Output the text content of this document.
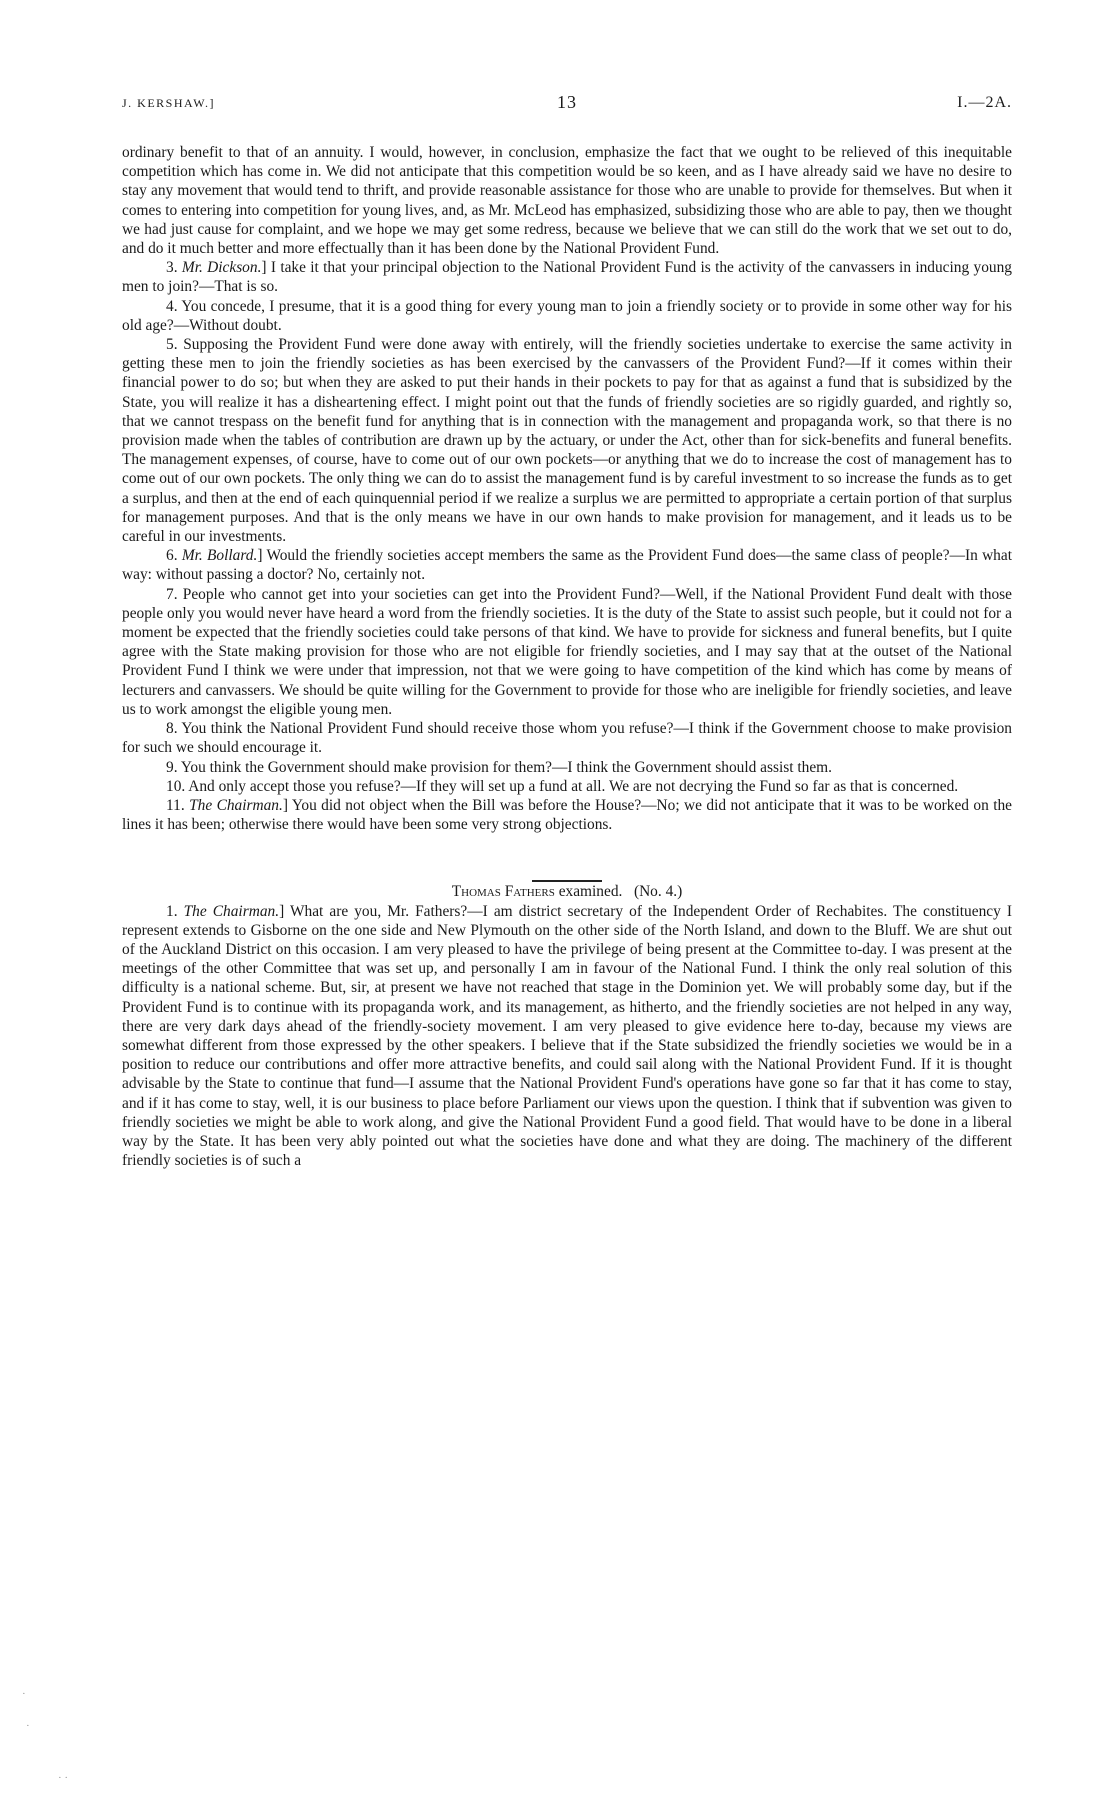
J. KERSHAW.]	13	I.—2A.

ordinary benefit to that of an annuity. I would, however, in conclusion, emphasize the fact that we ought to be relieved of this inequitable competition which has come in. We did not anticipate that this competition would be so keen, and as I have already said we have no desire to stay any movement that would tend to thrift, and provide reasonable assistance for those who are unable to provide for themselves. But when it comes to entering into competition for young lives, and, as Mr. McLeod has emphasized, subsidizing those who are able to pay, then we thought we had just cause for complaint, and we hope we may get some redress, because we believe that we can still do the work that we set out to do, and do it much better and more effectually than it has been done by the National Provident Fund.

3. Mr. Dickson.] I take it that your principal objection to the National Provident Fund is the activity of the canvassers in inducing young men to join?—That is so.

4. You concede, I presume, that it is a good thing for every young man to join a friendly society or to provide in some other way for his old age?—Without doubt.

5. Supposing the Provident Fund were done away with entirely, will the friendly societies undertake to exercise the same activity in getting these men to join the friendly societies as has been exercised by the canvassers of the Provident Fund?—If it comes within their financial power to do so; but when they are asked to put their hands in their pockets to pay for that as against a fund that is subsidized by the State, you will realize it has a disheartening effect. I might point out that the funds of friendly societies are so rigidly guarded, and rightly so, that we cannot trespass on the benefit fund for anything that is in connection with the management and propaganda work, so that there is no provision made when the tables of contribution are drawn up by the actuary, or under the Act, other than for sick-benefits and funeral benefits. The management expenses, of course, have to come out of our own pockets—or anything that we do to increase the cost of management has to come out of our own pockets. The only thing we can do to assist the management fund is by careful investment to so increase the funds as to get a surplus, and then at the end of each quinquennial period if we realize a surplus we are permitted to appropriate a certain portion of that surplus for management purposes. And that is the only means we have in our own hands to make provision for management, and it leads us to be careful in our investments.

6. Mr. Bollard.] Would the friendly societies accept members the same as the Provident Fund does—the same class of people?—In what way: without passing a doctor? No, certainly not.

7. People who cannot get into your societies can get into the Provident Fund?—Well, if the National Provident Fund dealt with those people only you would never have heard a word from the friendly societies. It is the duty of the State to assist such people, but it could not for a moment be expected that the friendly societies could take persons of that kind. We have to provide for sickness and funeral benefits, but I quite agree with the State making provision for those who are not eligible for friendly societies, and I may say that at the outset of the National Provident Fund I think we were under that impression, not that we were going to have competition of the kind which has come by means of lecturers and canvassers. We should be quite willing for the Government to provide for those who are ineligible for friendly societies, and leave us to work amongst the eligible young men.

8. You think the National Provident Fund should receive those whom you refuse?—I think if the Government choose to make provision for such we should encourage it.

9. You think the Government should make provision for them?—I think the Government should assist them.

10. And only accept those you refuse?—If they will set up a fund at all. We are not decrying the Fund so far as that is concerned.

11. The Chairman.] You did not object when the Bill was before the House?—No; we did not anticipate that it was to be worked on the lines it has been; otherwise there would have been some very strong objections.

Thomas Fathers examined. (No. 4.)

1. The Chairman.] What are you, Mr. Fathers?—I am district secretary of the Independent Order of Rechabites. The constituency I represent extends to Gisborne on the one side and New Plymouth on the other side of the North Island, and down to the Bluff. We are shut out of the Auckland District on this occasion. I am very pleased to have the privilege of being present at the Committee to-day. I was present at the meetings of the other Committee that was set up, and personally I am in favour of the National Fund. I think the only real solution of this difficulty is a national scheme. But, sir, at present we have not reached that stage in the Dominion yet. We will probably some day, but if the Provident Fund is to continue with its propaganda work, and its management, as hitherto, and the friendly societies are not helped in any way, there are very dark days ahead of the friendly-society movement. I am very pleased to give evidence here to-day, because my views are somewhat different from those expressed by the other speakers. I believe that if the State subsidized the friendly societies we would be in a position to reduce our contributions and offer more attractive benefits, and could sail along with the National Provident Fund. If it is thought advisable by the State to continue that fund—I assume that the National Provident Fund's operations have gone so far that it has come to stay, and if it has come to stay, well, it is our business to place before Parliament our views upon the question. I think that if subvention was given to friendly societies we might be able to work along, and give the National Provident Fund a good field. That would have to be done in a liberal way by the State. It has been very ably pointed out what the societies have done and what they are doing. The machinery of the different friendly societies is of such a

·
·
· ·
